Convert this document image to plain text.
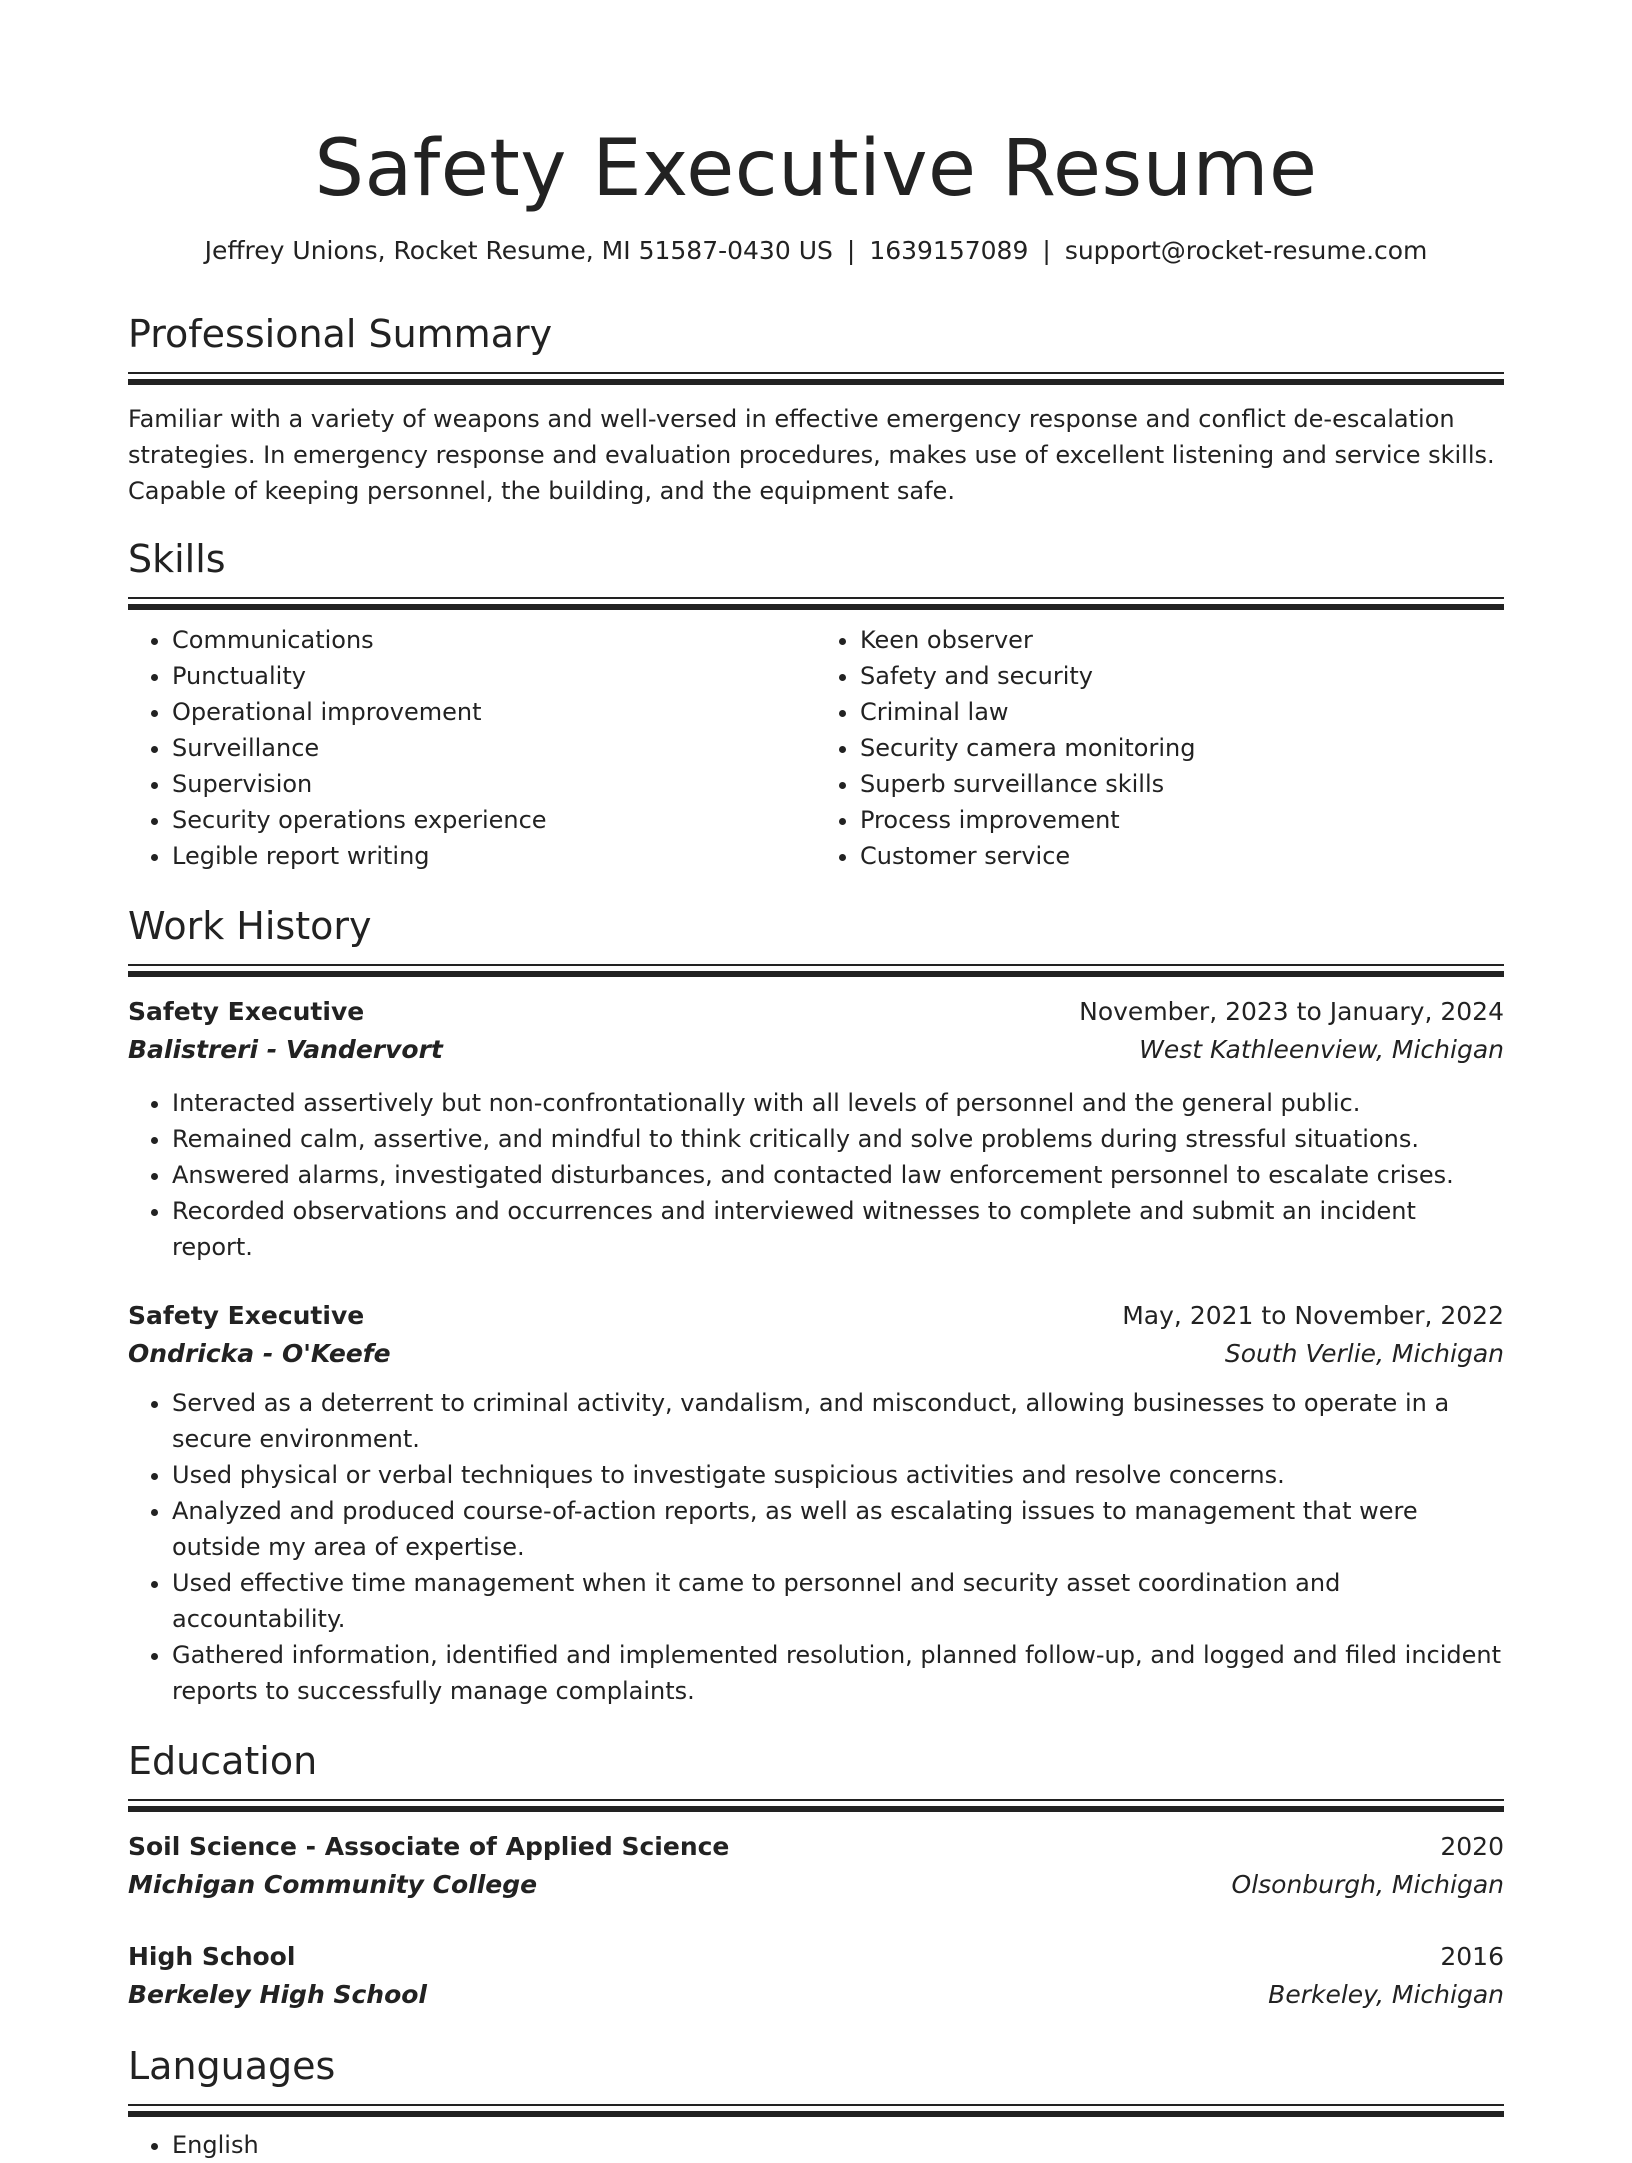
Safety Executive Resume
Jeffrey Unions, Rocket Resume, MI 51587-0430 US | 1639157089 | support@rocket-resume.com
Professional Summary

Familiar with a variety of weapons and well-versed in effective emergency response and conflict de-escalation strategies. In emergency response and evaluation procedures, makes use of excellent listening and service skills. Capable of keeping personnel, the building, and the equipment safe.

Skills
• Communications
• Punctuality
• Operational improvement
• Surveillance
• Supervision
• Security operations experience
• Legible report writing
• Keen observer
• Safety and security
• Criminal law
• Security camera monitoring
• Superb surveillance skills
• Process improvement
• Customer service
Work History
Safety Executive	November, 2023 to January, 2024
Balistreri - Vandervort	West Kathleenview, Michigan
• Interacted assertively but non-confrontationally with all levels of personnel and the general public.
• Remained calm, assertive, and mindful to think critically and solve problems during stressful situations.
• Answered alarms, investigated disturbances, and contacted law enforcement personnel to escalate crises.
• Recorded observations and occurrences and interviewed witnesses to complete and submit an incident report.
Safety Executive	May, 2021 to November, 2022
Ondricka - O'Keefe	South Verlie, Michigan
• Served as a deterrent to criminal activity, vandalism, and misconduct, allowing businesses to operate in a secure environment.
• Used physical or verbal techniques to investigate suspicious activities and resolve concerns.
• Analyzed and produced course-of-action reports, as well as escalating issues to management that were outside my area of expertise.
• Used effective time management when it came to personnel and security asset coordination and accountability.
• Gathered information, identified and implemented resolution, planned follow-up, and logged and filed incident reports to successfully manage complaints.
Education
Soil Science - Associate of Applied Science	2020
Michigan Community College	Olsonburgh, Michigan
High School	2016
Berkeley High School	Berkeley, Michigan
Languages
• English
